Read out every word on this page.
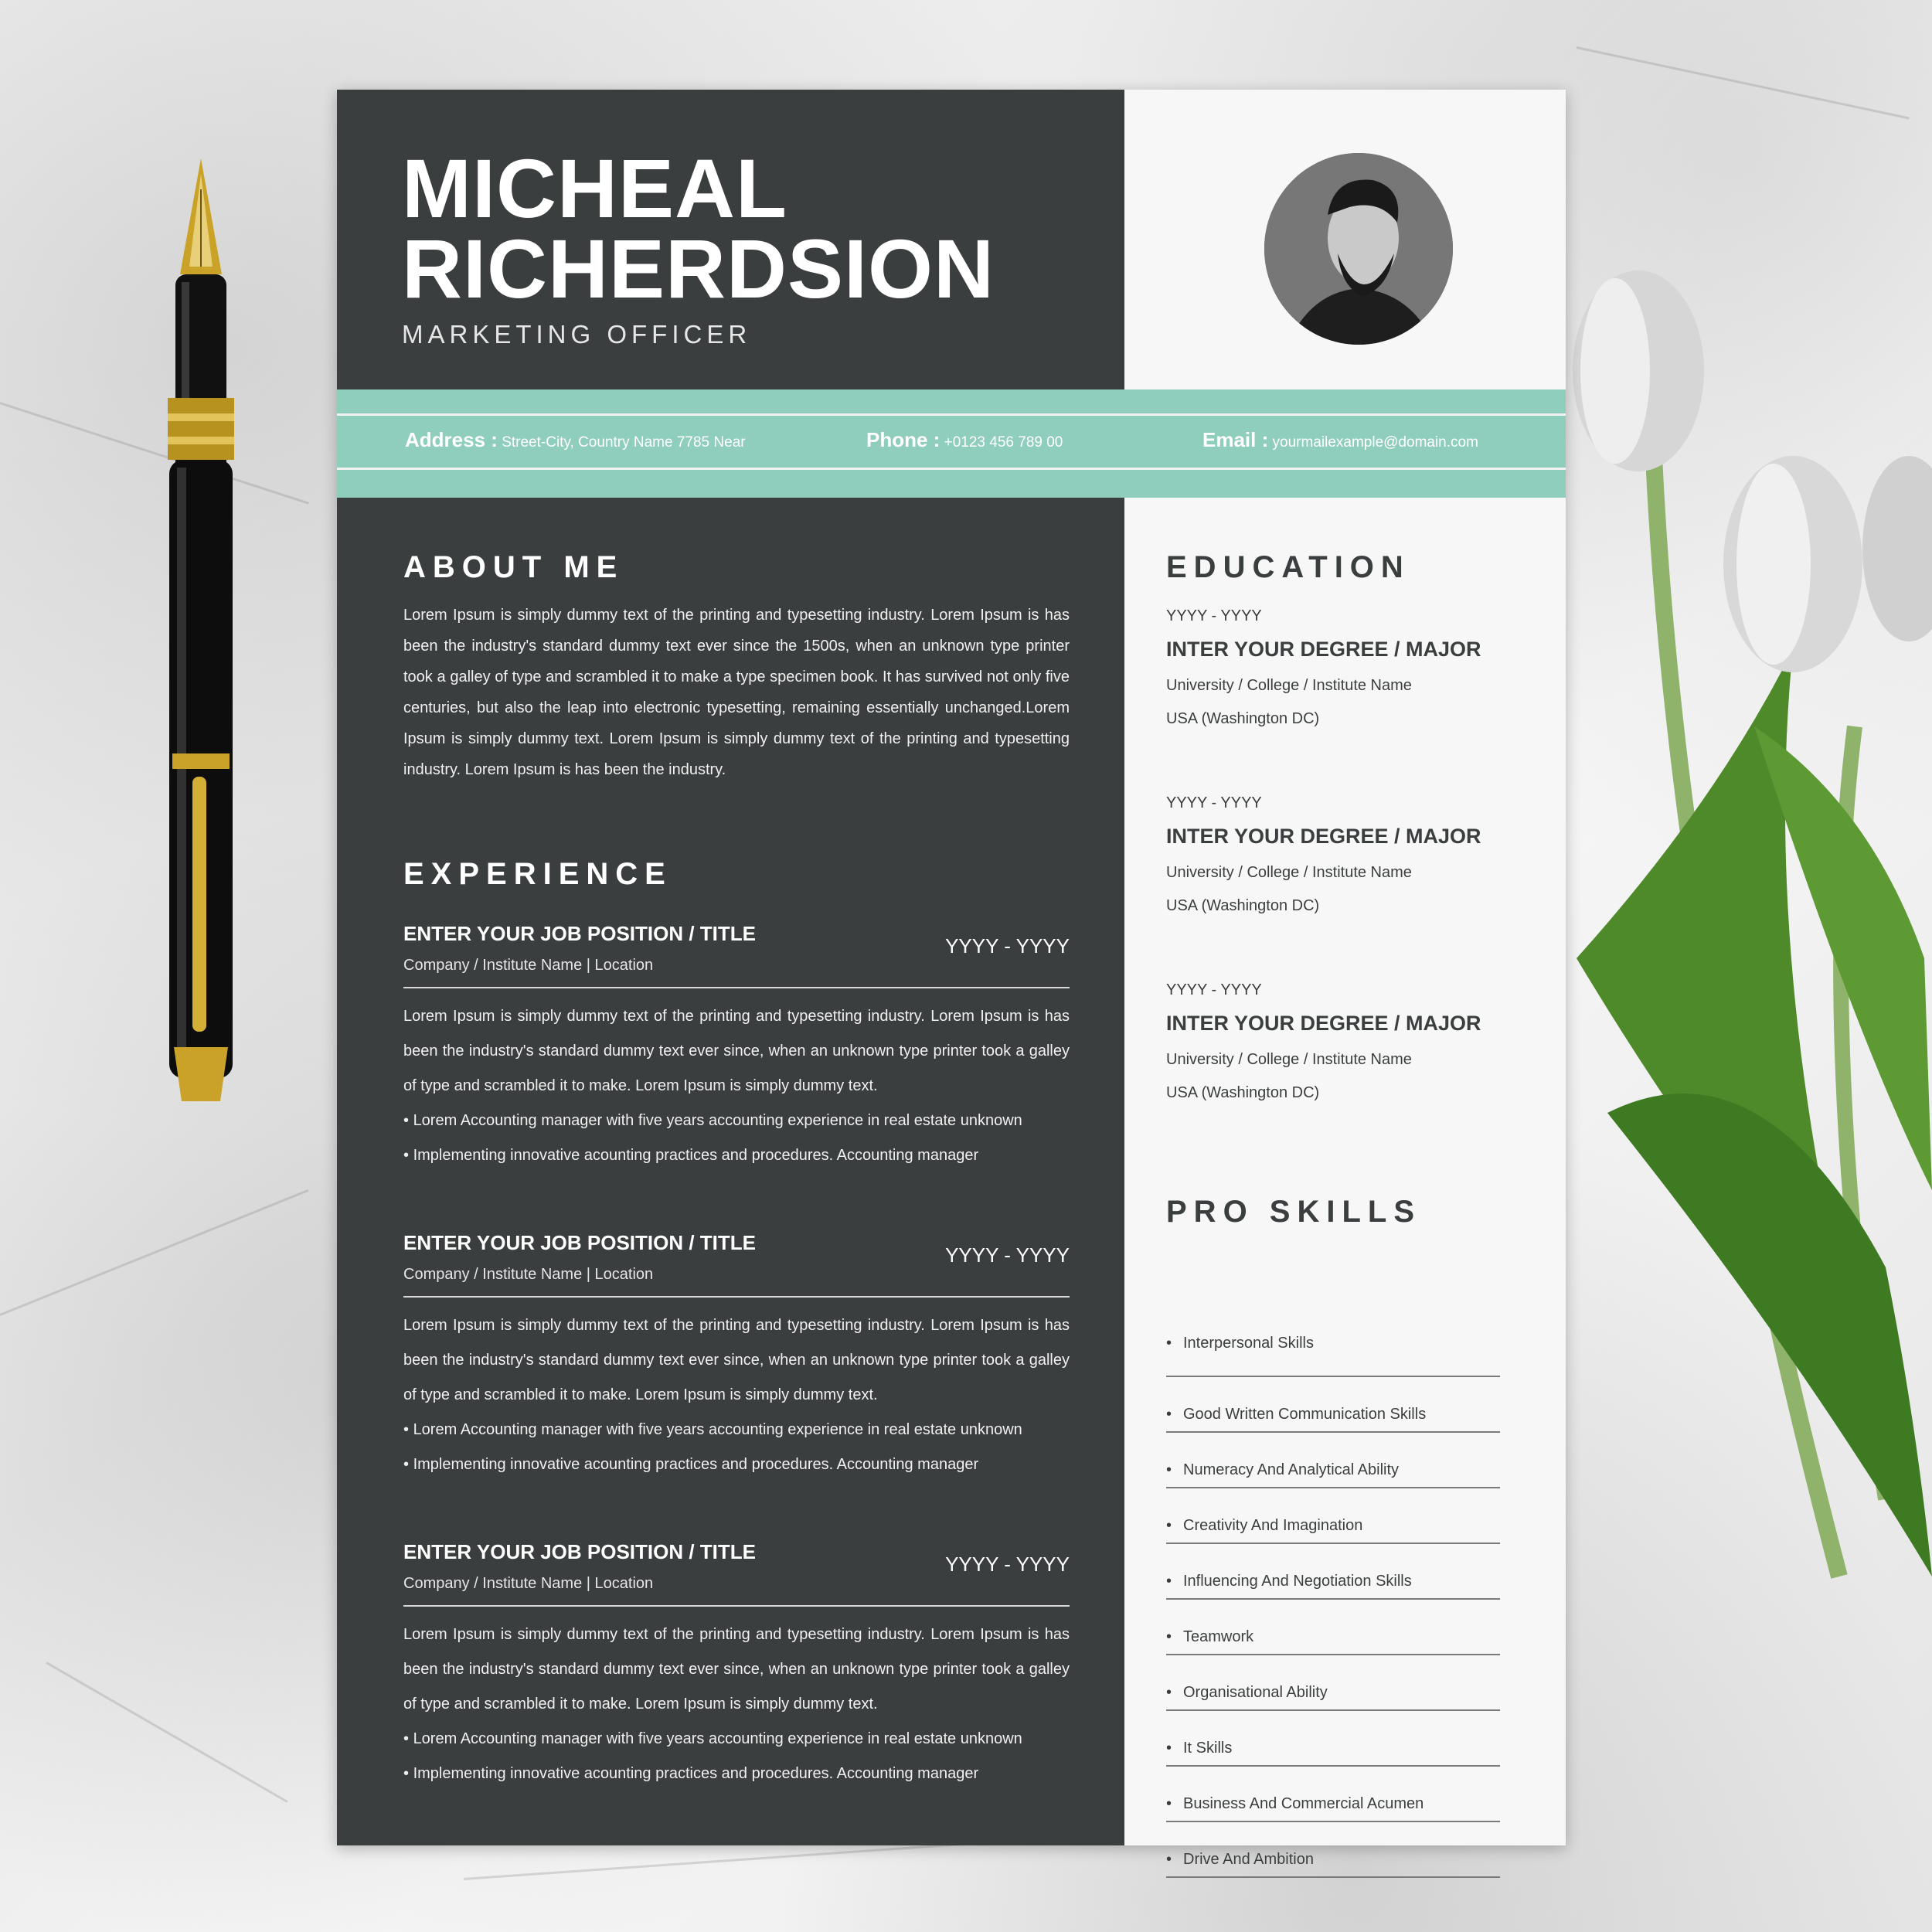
MICHEAL
RICHERDSION
MARKETING OFFICER
Address : Street-City, Country Name 7785 Near	Phone : +0123 456 789 00	Email : yourmailexample@domain.com
ABOUT ME

Lorem Ipsum is simply dummy text of the printing and typesetting industry. Lorem Ipsum is has been the industry's standard dummy text ever since the 1500s, when an unknown type printer took a galley of type and scrambled it to make a type specimen book. It has survived not only five centuries, but also the leap into electronic typesetting, remaining essentially unchanged.Lorem Ipsum is simply dummy text. Lorem Ipsum is simply dummy text of the printing and typesetting industry. Lorem Ipsum is has been the industry.

EXPERIENCE
ENTER YOUR JOB POSITION / TITLE
Company / Institute Name | Location
YYYY - YYYY

Lorem Ipsum is simply dummy text of the printing and typesetting industry. Lorem Ipsum is has been the industry's standard dummy text ever since, when an unknown type printer took a galley of type and scrambled it to make. Lorem Ipsum is simply dummy text.

• Lorem Accounting manager with five years accounting experience in real estate unknown
• Implementing innovative acounting practices and procedures. Accounting manager
ENTER YOUR JOB POSITION / TITLE
Company / Institute Name | Location
YYYY - YYYY

Lorem Ipsum is simply dummy text of the printing and typesetting industry. Lorem Ipsum is has been the industry's standard dummy text ever since, when an unknown type printer took a galley of type and scrambled it to make. Lorem Ipsum is simply dummy text.

• Lorem Accounting manager with five years accounting experience in real estate unknown
• Implementing innovative acounting practices and procedures. Accounting manager
ENTER YOUR JOB POSITION / TITLE
Company / Institute Name | Location
YYYY - YYYY

Lorem Ipsum is simply dummy text of the printing and typesetting industry. Lorem Ipsum is has been the industry's standard dummy text ever since, when an unknown type printer took a galley of type and scrambled it to make. Lorem Ipsum is simply dummy text.

• Lorem Accounting manager with five years accounting experience in real estate unknown
• Implementing innovative acounting practices and procedures. Accounting manager
EDUCATION
YYYY - YYYY
INTER YOUR DEGREE / MAJOR
University / College / Institute Name
USA (Washington DC)
YYYY - YYYY
INTER YOUR DEGREE / MAJOR
University / College / Institute Name
USA (Washington DC)
YYYY - YYYY
INTER YOUR DEGREE / MAJOR
University / College / Institute Name
USA (Washington DC)
PRO SKILLS
• Interpersonal Skills
• Good Written Communication Skills
• Numeracy And Analytical Ability
• Creativity And Imagination
• Influencing And Negotiation Skills
• Teamwork
• Organisational Ability
• It Skills
• Business And Commercial Acumen
• Drive And Ambition
